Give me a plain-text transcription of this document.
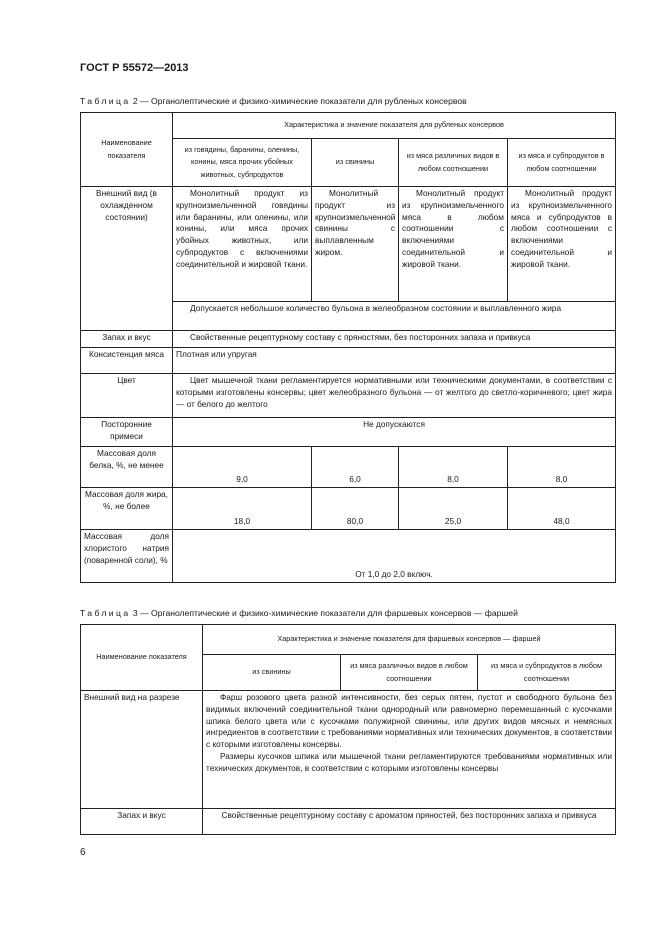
ГОСТ Р 55572—2013
Таблица 2 — Органолептические и физико-химические показатели для рубленых консервов
Наименование показателя	Характеристика и значение показателя для рубленых консервов			
	из говядины, баранины, оленины, конины, мяса прочих убойных животных, субпродуктов	из свинины	из мяса различных видов в любом соотношении	из мяса и субпродуктов в любом соотношении
Внешний вид (в охлажденном состоянии)	Монолитный продукт из крупноизмельченной говядины или баранины, или оленины, или конины, или мяса прочих убойных животных, или субпродуктов с включениями соединительной и жировой ткани.	Монолитный продукт из крупноизмельченной свинины с выплавленным жиром.	Монолитный продукт из крупноизмельченного мяса в любом соотношении с включениями соединительной и жировой ткани.	Монолитный продукт из крупноизмельченного мяса и субпродуктов в любом соотношении с включениями соединительной и жировой ткани.
	Допускается небольшое количество бульона в желеобразном состоянии и выплавленного жира			
Запах и вкус	Свойственные рецептурному составу с пряностями, без посторонних запаха и привкуса			
Консистенция мяса	Плотная или упругая			
Цвет	Цвет мышечной ткани регламентируется нормативными или техническими документами, в соответствии с которыми изготовлены консервы; цвет желеобразного бульона — от желтого до светло-коричневого; цвет жира — от белого до желтого			
Посторонние примеси	Не допускаются			
Массовая доля белка, %, не менее	9,0	6,0	8,0	8,0
Массовая доля жира, %, не более	18,0	80,0	25,0	48,0
Массовая доля хлористого натрия (поваренной соли), %	От 1,0 до 2,0 включ.			
Таблица 3 — Органолептические и физико-химические показатели для фаршевых консервов — фаршей
Наименование показателя	Характеристика и значение показателя для фаршевых консервов — фаршей		
	из свинины	из мяса различных видов в любом соотношении	из мяса и субпродуктов в любом соотношении
Внешний вид на разрезе	Фарш розового цвета разной интенсивности, без серых пятен, пустот и свободного бульона без видимых включений соединительной ткани однородный или равномерно перемешанный с кусочками шпика белого цвета или с кусочками полужирной свинины, или других видов мясных и немясных ингредиентов в соответствии с требованиями нормативных или технических документов, в соответствии с которыми изготовлены консервы.
Размеры кусочков шпика или мышечной ткани регламентируются требованиями нормативных или технических документов, в соответствии с которыми изготовлены консервы		

Запах и вкус	Свойственные рецептурному составу с ароматом пряностей, без посторонних запаха и привкуса		
6
